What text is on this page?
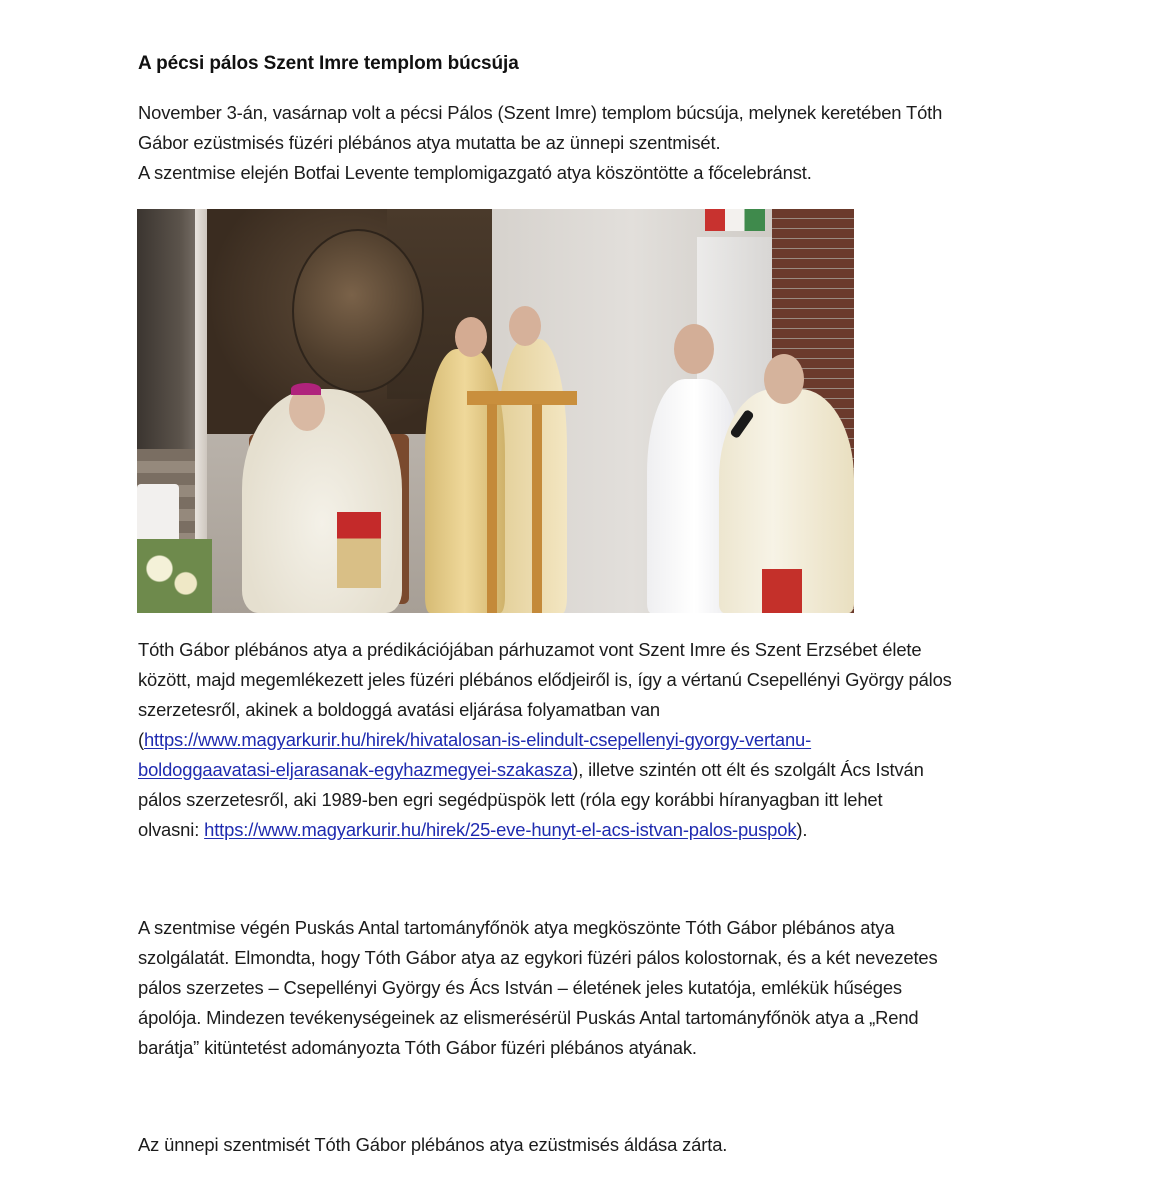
A pécsi pálos Szent Imre templom búcsúja
November 3-án, vasárnap volt a pécsi Pálos (Szent Imre) templom búcsúja, melynek keretében Tóth
Gábor ezüstmisés füzéri plébános atya mutatta be az ünnepi szentmisét.
A szentmise elején Botfai Levente templomigazgató atya köszöntötte a főcelebránst.
Tóth Gábor plébános atya a prédikációjában párhuzamot vont Szent Imre és Szent Erzsébet élete
között, majd megemlékezett jeles füzéri plébános elődjeiről is, így a vértanú Csepellényi György pálos
szerzetesről, akinek a boldoggá avatási eljárása folyamatban van
(https://www.magyarkurir.hu/hirek/hivatalosan-is-elindult-csepellenyi-gyorgy-vertanu-
boldoggaavatasi-eljarasanak-egyhazmegyei-szakasza), illetve szintén ott élt és szolgált Ács István
pálos szerzetesről, aki 1989-ben egri segédpüspök lett (róla egy korábbi híranyagban itt lehet
olvasni: https://www.magyarkurir.hu/hirek/25-eve-hunyt-el-acs-istvan-palos-puspok).
A szentmise végén Puskás Antal tartományfőnök atya megköszönte Tóth Gábor plébános atya
szolgálatát. Elmondta, hogy Tóth Gábor atya az egykori füzéri pálos kolostornak, és a két nevezetes
pálos szerzetes – Csepellényi György és Ács István – életének jeles kutatója, emlékük hűséges
ápolója. Mindezen tevékenységeinek az elismerésérül Puskás Antal tartományfőnök atya a „Rend
barátja” kitüntetést adományozta Tóth Gábor füzéri plébános atyának.
Az ünnepi szentmisét Tóth Gábor plébános atya ezüstmisés áldása zárta.
